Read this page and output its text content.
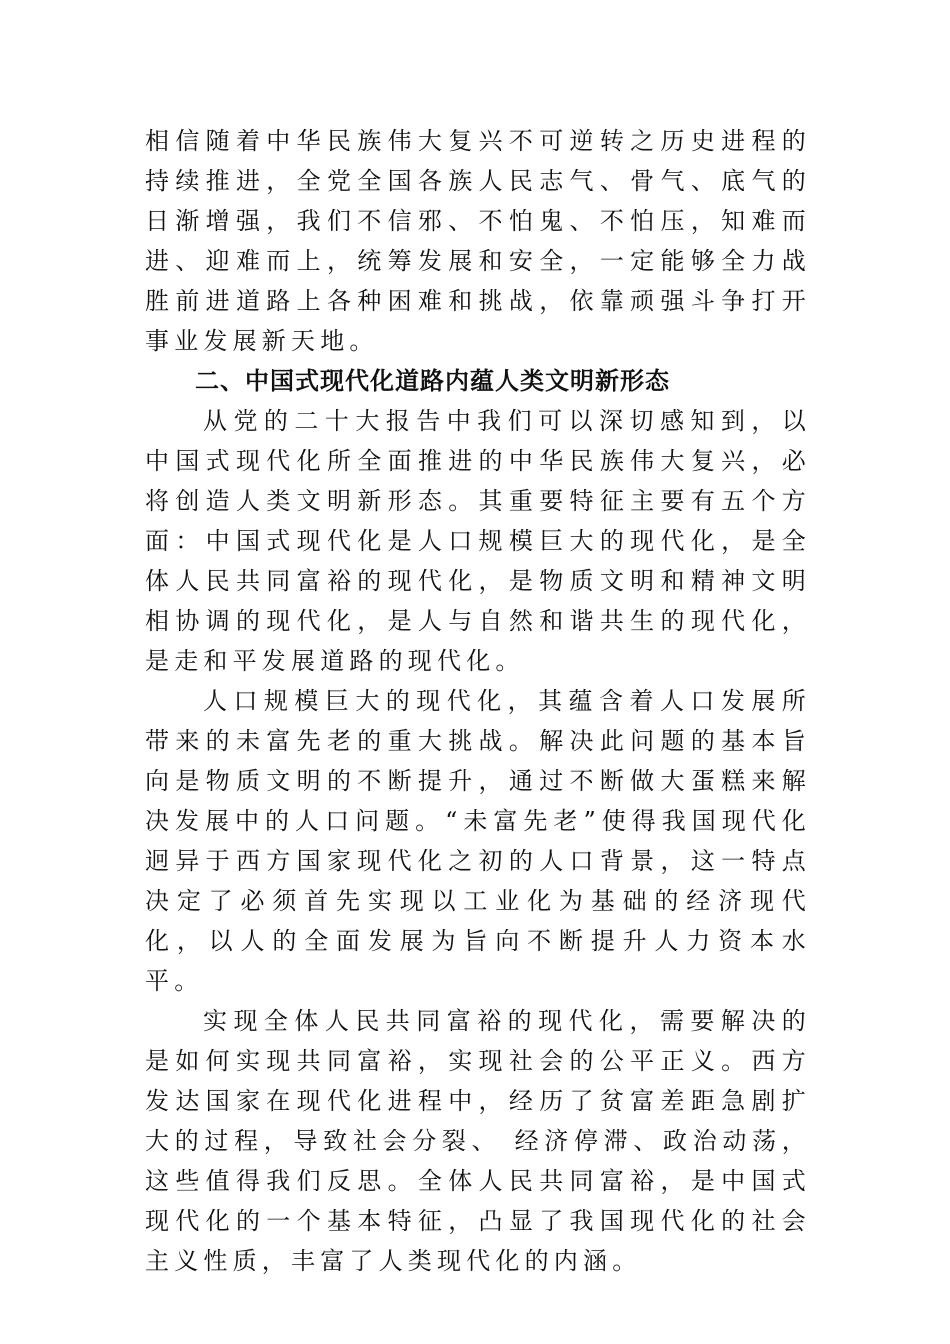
相信随着中华民族伟大复兴不可逆转之历史进程的持续推进，全党全国各族人民志气、骨气、底气的日渐增强，我们不信邪、不怕鬼、不怕压，知难而进、迎难而上，统筹发展和安全，一定能够全力战胜前进道路上各种困难和挑战，依靠顽强斗争打开事业发展新天地。

二、中国式现代化道路内蕴人类文明新形态

从党的二十大报告中我们可以深切感知到，以中国式现代化所全面推进的中华民族伟大复兴，必将创造人类文明新形态。其重要特征主要有五个方面：中国式现代化是人口规模巨大的现代化，是全体人民共同富裕的现代化，是物质文明和精神文明相协调的现代化，是人与自然和谐共生的现代化，是走和平发展道路的现代化。

人口规模巨大的现代化，其蕴含着人口发展所带来的未富先老的重大挑战。解决此问题的基本旨向是物质文明的不断提升，通过不断做大蛋糕来解决发展中的人口问题。“未富先老”使得我国现代化迥异于西方国家现代化之初的人口背景，这一特点决定了必须首先实现以工业化为基础的经济现代化，以人的全面发展为旨向不断提升人力资本水平。

实现全体人民共同富裕的现代化，需要解决的是如何实现共同富裕，实现社会的公平正义。西方发达国家在现代化进程中，经历了贫富差距急剧扩大的过程，导致社会分裂、 经济停滞、政治动荡，这些值得我们反思。全体人民共同富裕，是中国式现代化的一个基本特征，凸显了我国现代化的社会主义性质，丰富了人类现代化的内涵。
